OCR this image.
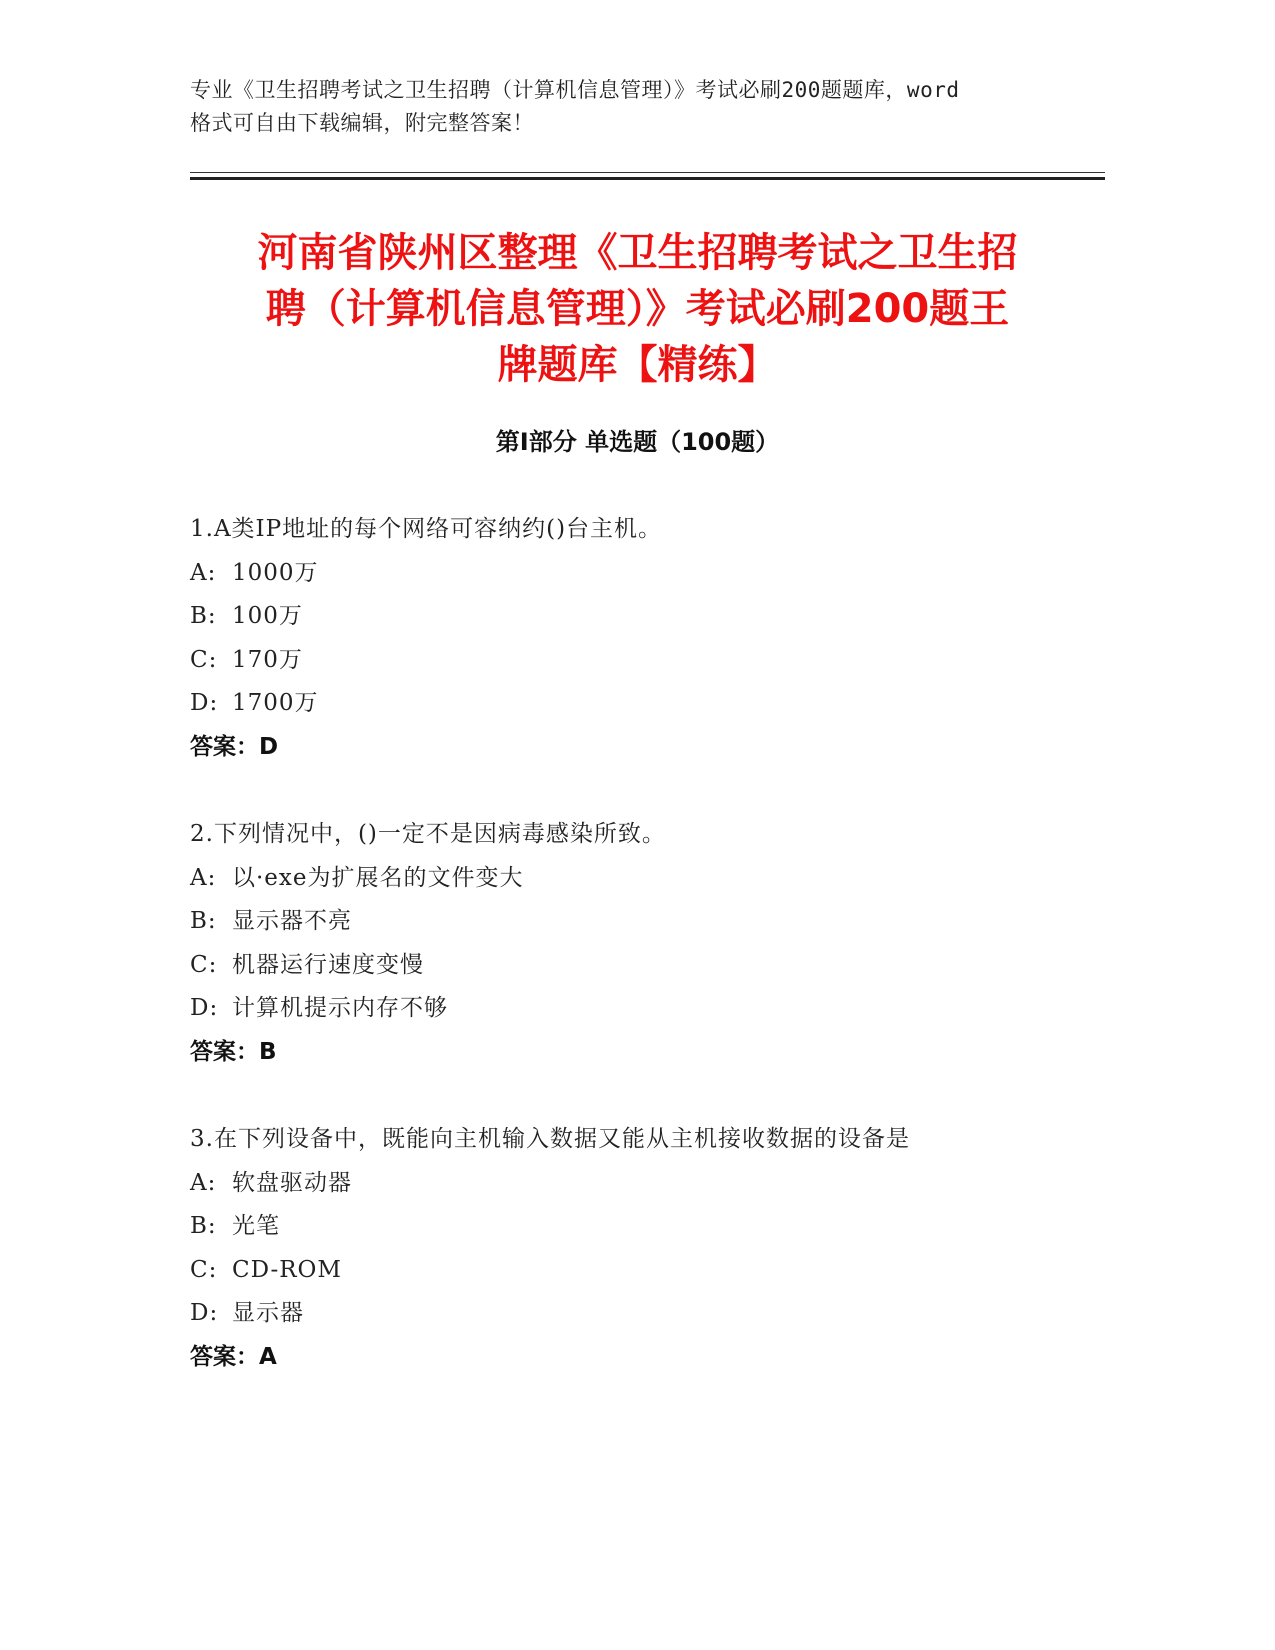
专业《卫生招聘考试之卫生招聘（计算机信息管理）》考试必刷200题题库，word
格式可自由下载编辑，附完整答案！
河南省陕州区整理《卫生招聘考试之卫生招
聘（计算机信息管理）》考试必刷200题王
牌题库【精练】
第Ⅰ部分 单选题（100题）
1.A类IP地址的每个网络可容纳约()台主机。
A: 1000万
B: 100万
C: 170万
D: 1700万
答案：D
2.下列情况中，()一定不是因病毒感染所致。
A: 以·exe为扩展名的文件变大
B: 显示器不亮
C: 机器运行速度变慢
D: 计算机提示内存不够
答案：B
3.在下列设备中，既能向主机输入数据又能从主机接收数据的设备是
A: 软盘驱动器
B: 光笔
C: CD-ROM
D: 显示器
答案：A
